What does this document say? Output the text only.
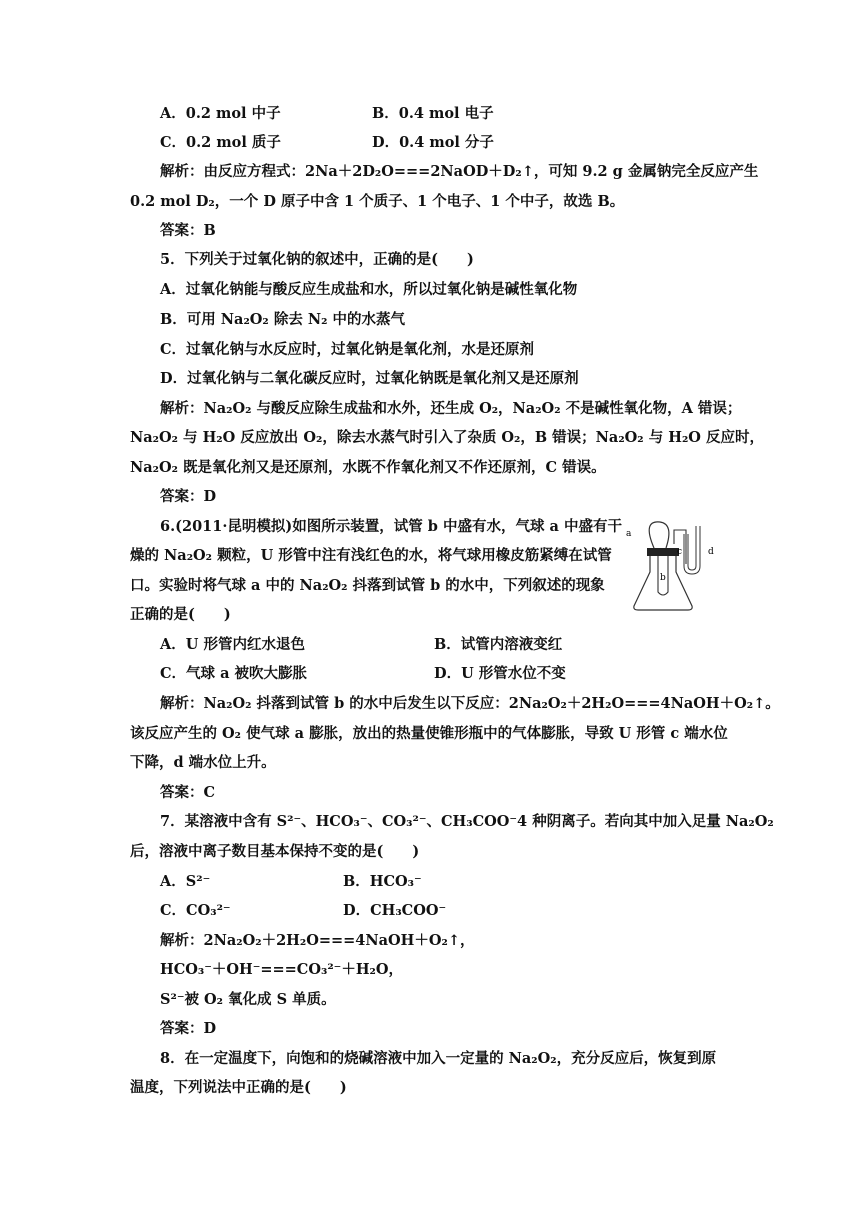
A．0.2 mol 中子	B．0.4 mol 电子
C．0.2 mol 质子	D．0.4 mol 分子
解析：由反应方程式：2Na＋2D₂O===2NaOD＋D₂↑，可知 9.2 g 金属钠完全反应产生
0.2 mol D₂，一个 D 原子中含 1 个质子、1 个电子、1 个中子，故选 B。
答案：B
5．下列关于过氧化钠的叙述中，正确的是(　　)
A．过氧化钠能与酸反应生成盐和水，所以过氧化钠是碱性氧化物
B．可用 Na₂O₂ 除去 N₂ 中的水蒸气
C．过氧化钠与水反应时，过氧化钠是氧化剂，水是还原剂
D．过氧化钠与二氧化碳反应时，过氧化钠既是氧化剂又是还原剂
解析：Na₂O₂ 与酸反应除生成盐和水外，还生成 O₂，Na₂O₂ 不是碱性氧化物，A 错误；
Na₂O₂ 与 H₂O 反应放出 O₂，除去水蒸气时引入了杂质 O₂，B 错误；Na₂O₂ 与 H₂O 反应时，
Na₂O₂ 既是氧化剂又是还原剂，水既不作氧化剂又不作还原剂，C 错误。
答案：D
6.(2011·昆明模拟)如图所示装置，试管 b 中盛有水，气球 a 中盛有干
燥的 Na₂O₂ 颗粒，U 形管中注有浅红色的水，将气球用橡皮筋紧缚在试管
口。实验时将气球 a 中的 Na₂O₂ 抖落到试管 b 的水中，下列叙述的现象
正确的是(　　)
a
b
c	d
A．U 形管内红水退色	B．试管内溶液变红
C．气球 a 被吹大膨胀	D．U 形管水位不变
解析：Na₂O₂ 抖落到试管 b 的水中后发生以下反应：2Na₂O₂＋2H₂O===4NaOH＋O₂↑。
该反应产生的 O₂ 使气球 a 膨胀，放出的热量使锥形瓶中的气体膨胀，导致 U 形管 c 端水位
下降，d 端水位上升。
答案：C
7．某溶液中含有 S²⁻、HCO₃⁻、CO₃²⁻、CH₃COO⁻4 种阴离子。若向其中加入足量 Na₂O₂
后，溶液中离子数目基本保持不变的是(　　)
A．S²⁻	B．HCO₃⁻
C．CO₃²⁻	D．CH₃COO⁻
解析：2Na₂O₂＋2H₂O===4NaOH＋O₂↑，
HCO₃⁻＋OH⁻===CO₃²⁻＋H₂O，
S²⁻被 O₂ 氧化成 S 单质。
答案：D
8．在一定温度下，向饱和的烧碱溶液中加入一定量的 Na₂O₂，充分反应后，恢复到原
温度，下列说法中正确的是(　　)
